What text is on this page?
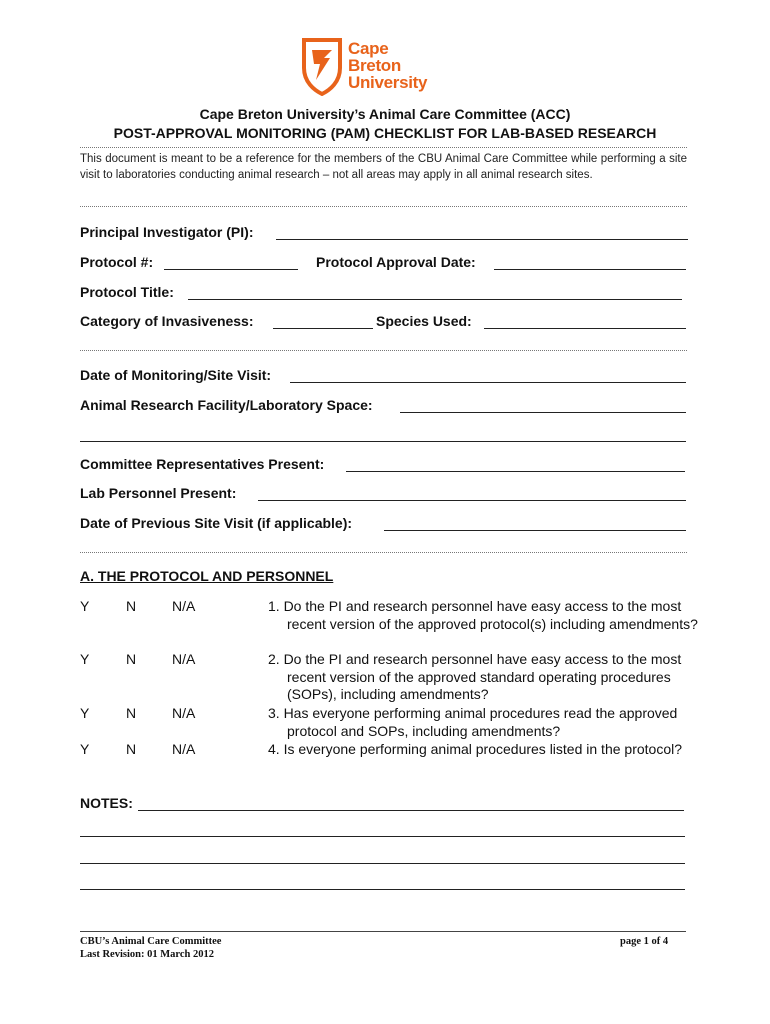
Cape
Breton
University
Cape Breton University’s Animal Care Committee (ACC)
POST-APPROVAL MONITORING (PAM) CHECKLIST FOR LAB-BASED RESEARCH
This document is meant to be a reference for the members of the CBU Animal Care Committee while performing a site visit to laboratories conducting animal research – not all areas may apply in all animal research sites.
Principal Investigator (PI):
Protocol #:	Protocol Approval Date:
Protocol Title:
Category of Invasiveness:	Species Used:
Date of Monitoring/Site Visit:
Animal Research Facility/Laboratory Space:
Committee Representatives Present:
Lab Personnel Present:
Date of Previous Site Visit (if applicable):
A. THE PROTOCOL AND PERSONNEL
Y	N	N/A	1. Do the PI and research personnel have easy access to the most recent version of the approved protocol(s) including amendments?
Y	N	N/A	2. Do the PI and research personnel have easy access to the most recent version of the approved standard operating procedures (SOPs), including amendments?
Y	N	N/A	3. Has everyone performing animal procedures read the approved protocol and SOPs, including amendments?
Y	N	N/A	4. Is everyone performing animal procedures listed in the protocol?
NOTES:
CBU’s Animal Care Committee
Last Revision: 01 March 2012
page 1 of 4
